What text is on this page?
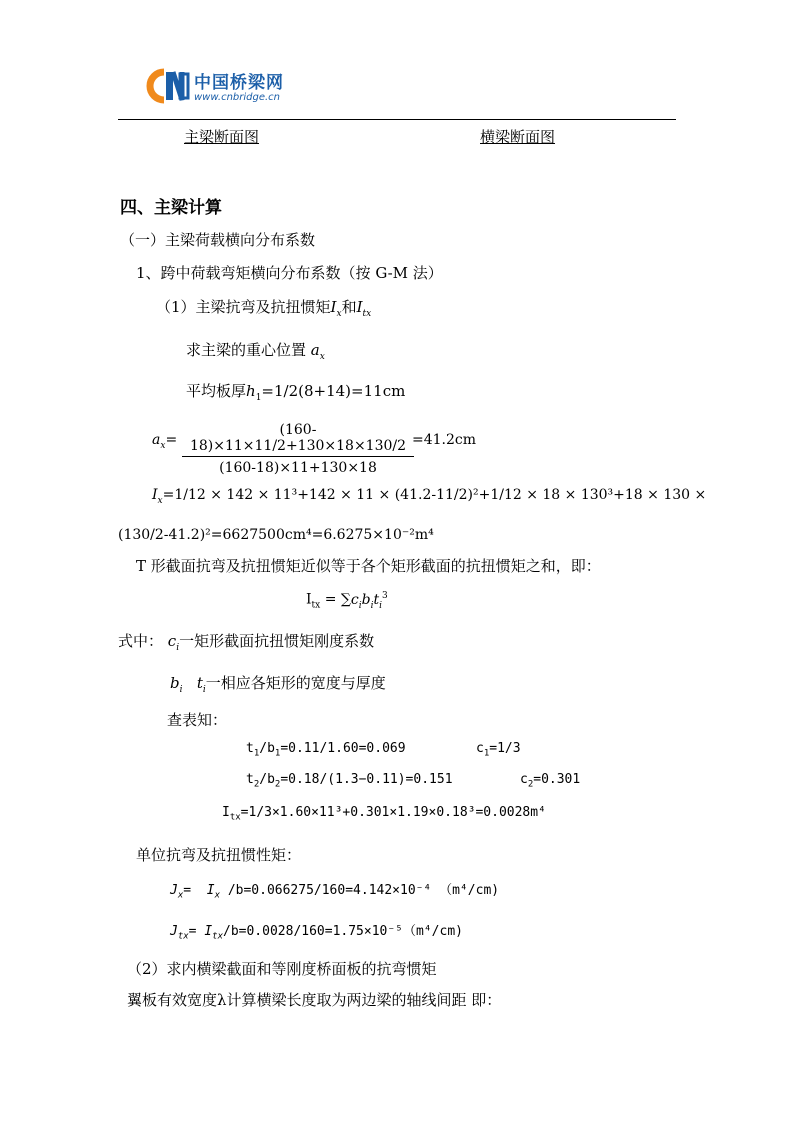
中国桥梁网
www.cnbridge.cn
主梁断面图	横梁断面图
四、主梁计算
（一）主梁荷载横向分布系数
1、跨中荷载弯矩横向分布系数（按 G-M 法）
（1）主梁抗弯及抗扭惯矩$I_x$和$I_{tx}$
求主梁的重心位置 $a_x$
平均板厚$h_1=1/2(8+14)=11cm$
$a_x=$
(160-18)×11×11/2+130×18×130/2
(160-18)×11+130×18
=41.2cm
$I_x=1/12 \times 142 \times 11^3+142 \times 11 \times (41.2-11/2)^2+1/12 \times 18 \times 130^3+18 \times 130$ ×
(130/2-41.2)²=6627500cm⁴=6.6275×10⁻²m⁴
T 形截面抗弯及抗扭惯矩近似等于各个矩形截面的抗扭惯矩之和，即：
$I_{tx} = \sum c_ib_it_i^3$
式中： $c_i$一矩形截面抗扭惯矩刚度系数
$b_i$ $t_i$一相应各矩形的宽度与厚度
查表知：
$t_1/b_1=0.11/1.60=0.069$	$c_1=1/3$
$t_2/b_2=0.18/(1.3-0.11)=0.151$	$c_2=0.301$
$I_{tx}=1/3\times 1.60\times 11^3+0.301\times 1.19\times 0.18^3=0.0028m^4$
单位抗弯及抗扭惯性矩：
$J_x= I_x$ /b=0.066275/160=4.142×10⁻⁴ （m⁴/cm)
$J_{tx}= I_{tx}/b=0.0028/160=1.75\times 10^{-5}(m^4/cm)$
（2）求内横梁截面和等刚度桥面板的抗弯惯矩
翼板有效宽度λ计算横梁长度取为两边梁的轴线间距 即：
